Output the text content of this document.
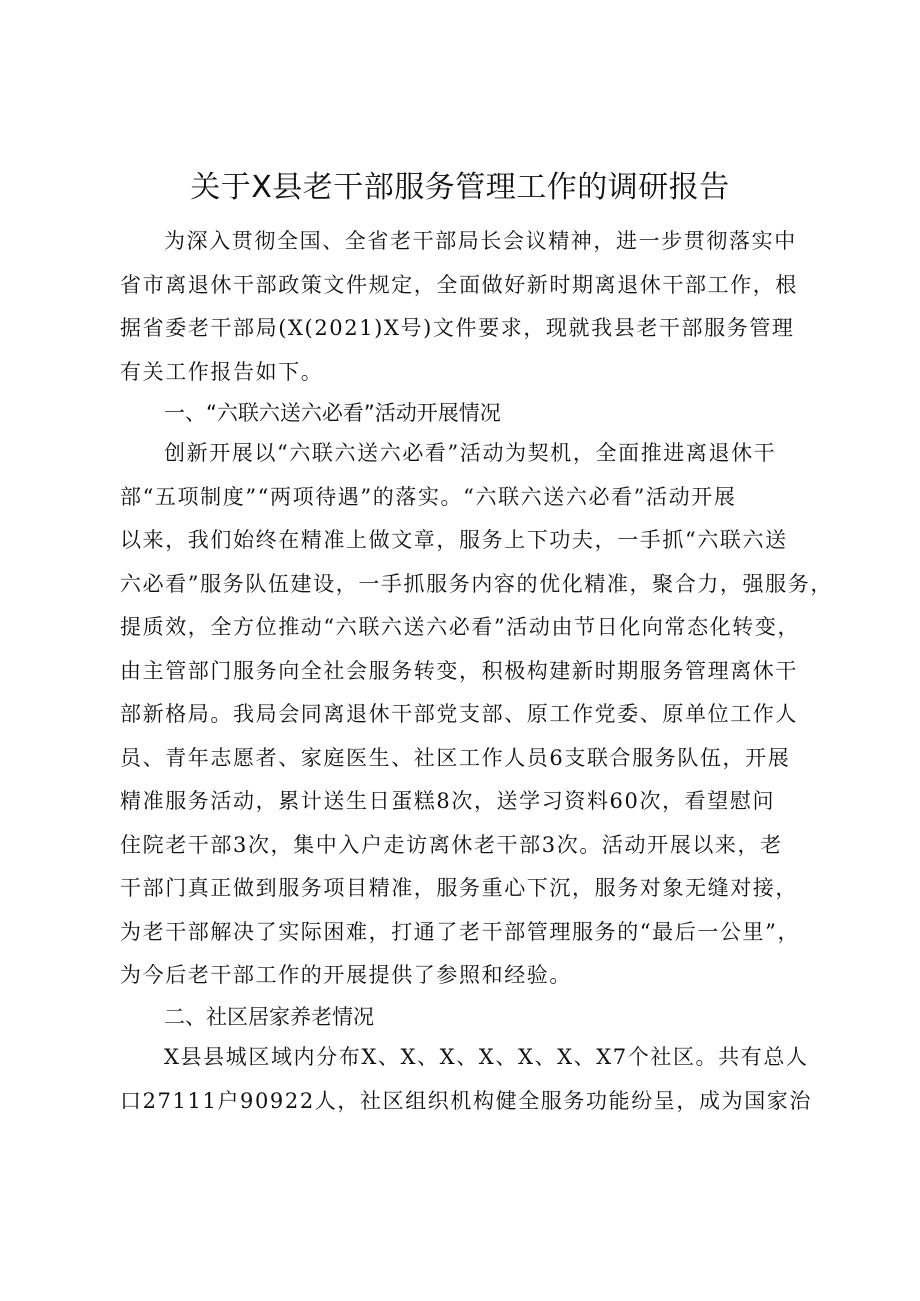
关于X县老干部服务管理工作的调研报告
为深入贯彻全国、全省老干部局长会议精神，进一步贯彻落实中
省市离退休干部政策文件规定，全面做好新时期离退休干部工作，根
据省委老干部局(X(2021)X号)文件要求，现就我县老干部服务管理
有关工作报告如下。
一、“六联六送六必看”活动开展情况
创新开展以“六联六送六必看”活动为契机，全面推进离退休干
部“五项制度”“两项待遇”的落实。“六联六送六必看”活动开展
以来，我们始终在精准上做文章，服务上下功夫，一手抓“六联六送
六必看”服务队伍建设，一手抓服务内容的优化精准，聚合力，强服务，
提质效，全方位推动“六联六送六必看”活动由节日化向常态化转变，
由主管部门服务向全社会服务转变，积极构建新时期服务管理离休干
部新格局。我局会同离退休干部党支部、原工作党委、原单位工作人
员、青年志愿者、家庭医生、社区工作人员6支联合服务队伍，开展
精准服务活动，累计送生日蛋糕8次，送学习资料60次，看望慰问
住院老干部3次，集中入户走访离休老干部3次。活动开展以来，老
干部门真正做到服务项目精准，服务重心下沉，服务对象无缝对接，
为老干部解决了实际困难，打通了老干部管理服务的“最后一公里”，
为今后老干部工作的开展提供了参照和经验。
二、社区居家养老情况
X县县城区域内分布X、X、X、X、X、X、X7个社区。共有总人
口27111户90922人，社区组织机构健全服务功能纷呈，成为国家治
